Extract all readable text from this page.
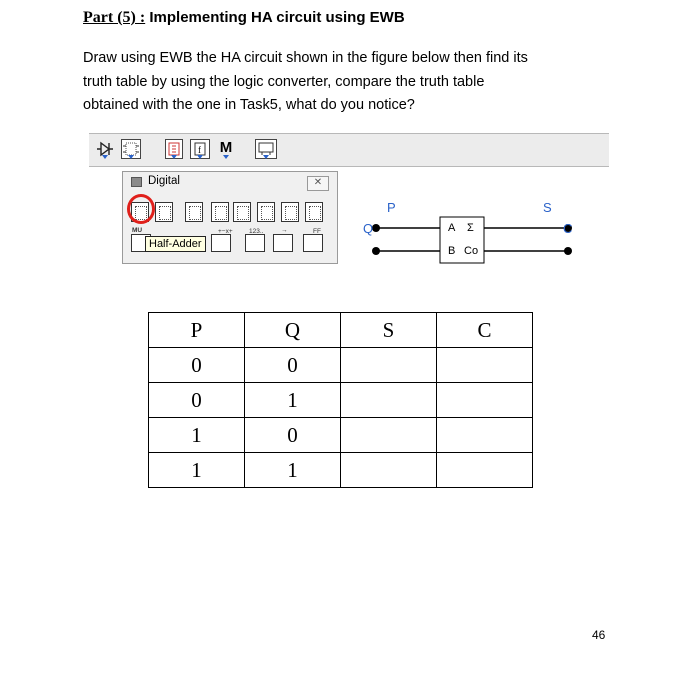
Part (5) : Implementing HA circuit using EWB
Draw using EWB the HA circuit shown in the figure below then find its
truth table by using the logic converter, compare the truth table
obtained with the one in Task5, what do you notice?
f M
Digital	✕
MU	+−x+	123..	→	FF
Half-Adder
P
Q
S
C
A Σ
B Co
P	Q	S	C
0	0		
0	1		
1	0		
1	1		
46
